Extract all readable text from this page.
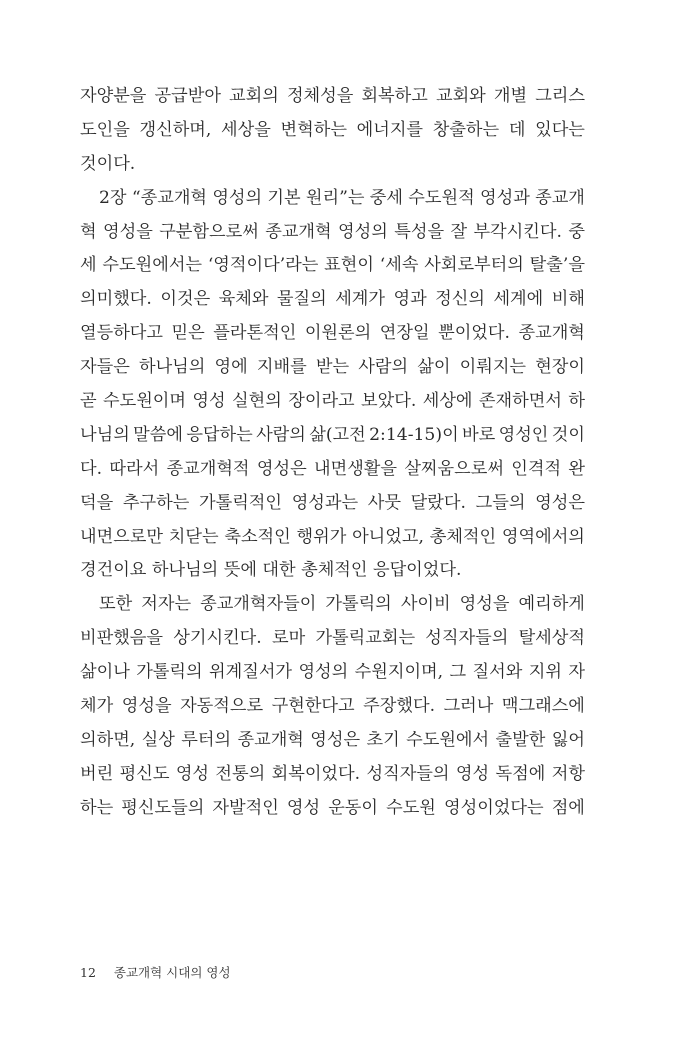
자양분을 공급받아 교회의 정체성을 회복하고 교회와 개별 그리스
도인을 갱신하며, 세상을 변혁하는 에너지를 창출하는 데 있다는
것이다.
2장 “종교개혁 영성의 기본 원리”는 중세 수도원적 영성과 종교개
혁 영성을 구분함으로써 종교개혁 영성의 특성을 잘 부각시킨다. 중
세 수도원에서는 ‘영적이다’라는 표현이 ‘세속 사회로부터의 탈출’을
의미했다. 이것은 육체와 물질의 세계가 영과 정신의 세계에 비해
열등하다고 믿은 플라톤적인 이원론의 연장일 뿐이었다. 종교개혁
자들은 하나님의 영에 지배를 받는 사람의 삶이 이뤄지는 현장이
곧 수도원이며 영성 실현의 장이라고 보았다. 세상에 존재하면서 하
나님의 말씀에 응답하는 사람의 삶(고전 2:14-15)이 바로 영성인 것이
다. 따라서 종교개혁적 영성은 내면생활을 살찌움으로써 인격적 완
덕을 추구하는 가톨릭적인 영성과는 사뭇 달랐다. 그들의 영성은
내면으로만 치닫는 축소적인 행위가 아니었고, 총체적인 영역에서의
경건이요 하나님의 뜻에 대한 총체적인 응답이었다.
또한 저자는 종교개혁자들이 가톨릭의 사이비 영성을 예리하게
비판했음을 상기시킨다. 로마 가톨릭교회는 성직자들의 탈세상적
삶이나 가톨릭의 위계질서가 영성의 수원지이며, 그 질서와 지위 자
체가 영성을 자동적으로 구현한다고 주장했다. 그러나 맥그래스에
의하면, 실상 루터의 종교개혁 영성은 초기 수도원에서 출발한 잃어
버린 평신도 영성 전통의 회복이었다. 성직자들의 영성 독점에 저항
하는 평신도들의 자발적인 영성 운동이 수도원 영성이었다는 점에
12 종교개혁 시대의 영성
